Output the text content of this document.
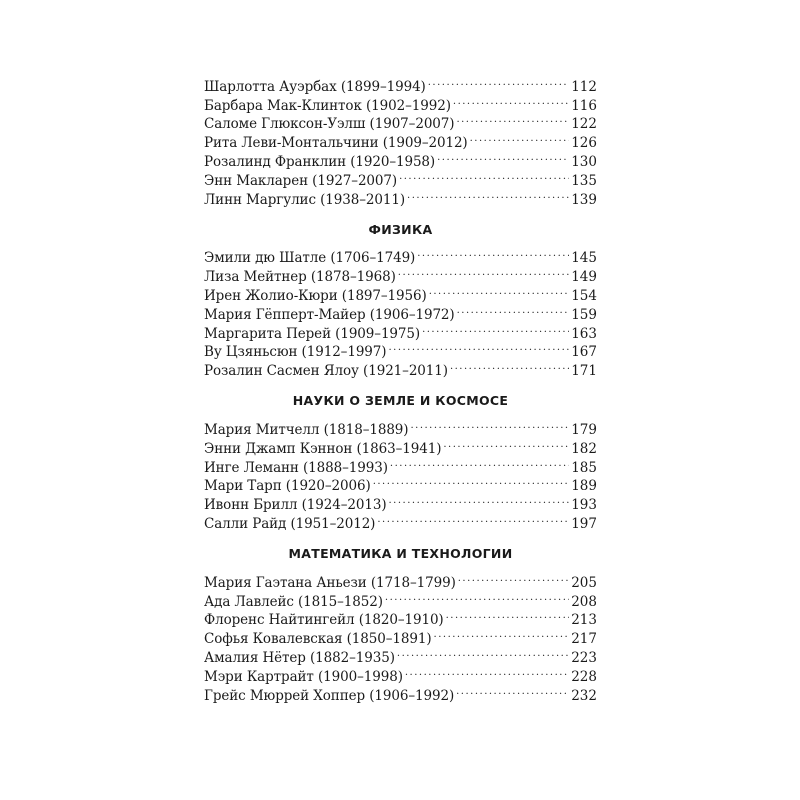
Шарлотта Ауэрбах (1899–1994) .....	112
Барбара Мак-Клинток (1902–1992) .....	116
Саломе Глюксон-Уэлш (1907–2007) .....	122
Рита Леви-Монтальчини (1909–2012) .....	126
Розалинд Франклин (1920–1958) .....	130
Энн Макларен (1927–2007) .....	135
Линн Маргулис (1938–2011) .....	139
ФИЗИКА
Эмили дю Шатле (1706–1749) .....	145
Лиза Мейтнер (1878–1968) .....	149
Ирен Жолио-Кюри (1897–1956) .....	154
Мария Гёпперт-Майер (1906–1972) .....	159
Маргарита Перей (1909–1975) .....	163
Ву Цзяньсюн (1912–1997) .....	167
Розалин Сасмен Ялоу (1921–2011) .....	171
НАУКИ О ЗЕМЛЕ И КОСМОСЕ
Мария Митчелл (1818–1889) .....	179
Энни Джамп Кэннон (1863–1941) .....	182
Инге Леманн (1888–1993) .....	185
Мари Тарп (1920–2006) .....	189
Ивонн Брилл (1924–2013) .....	193
Салли Райд (1951–2012) .....	197
МАТЕМАТИКА И ТЕХНОЛОГИИ
Мария Гаэтана Аньези (1718–1799) .....	205
Ада Лавлейс (1815–1852) .....	208
Флоренс Найтингейл (1820–1910) .....	213
Софья Ковалевская (1850–1891) .....	217
Амалия Нётер (1882–1935) .....	223
Мэри Картрайт (1900–1998) .....	228
Грейс Мюррей Хоппер (1906–1992) .....	232
